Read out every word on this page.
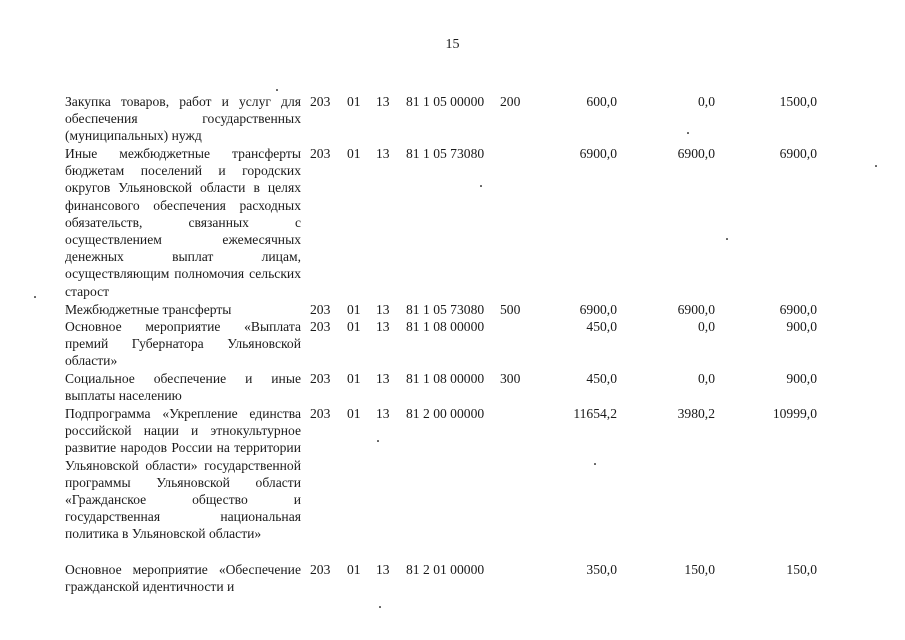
15
Закупка товаров, работ и услуг для обеспечения государственных (муниципальных) нужд
203 01 13 81 1 05 00000 200	600,0	0,0	1500,0
Иные межбюджетные трансферты бюджетам поселений и городских округов Ульяновской области в целях финансового обеспечения расходных обязательств, связанных с осуществлением ежемесячных денежных выплат лицам, осуществляющим полномочия сельских старост
203 01 13 81 1 05 73080	6900,0	6900,0	6900,0
Межбюджетные трансферты	203 01 13 81 1 05 73080 500	6900,0	6900,0	6900,0
Основное мероприятие «Выплата премий Губернатора Ульяновской области»
203 01 13 81 1 08 00000	450,0	0,0	900,0
Социальное обеспечение и иные выплаты населению
203 01 13 81 1 08 00000 300	450,0	0,0	900,0
Подпрограмма «Укрепление единства российской нации и этнокультурное развитие народов России на территории Ульяновской области» государственной программы Ульяновской области «Гражданское общество и государственная национальная политика в Ульяновской области»
203 01 13 81 2 00 00000	11654,2	3980,2	10999,0
Основное мероприятие «Обеспечение гражданской идентичности и
203 01 13 81 2 01 00000	350,0	150,0	150,0
